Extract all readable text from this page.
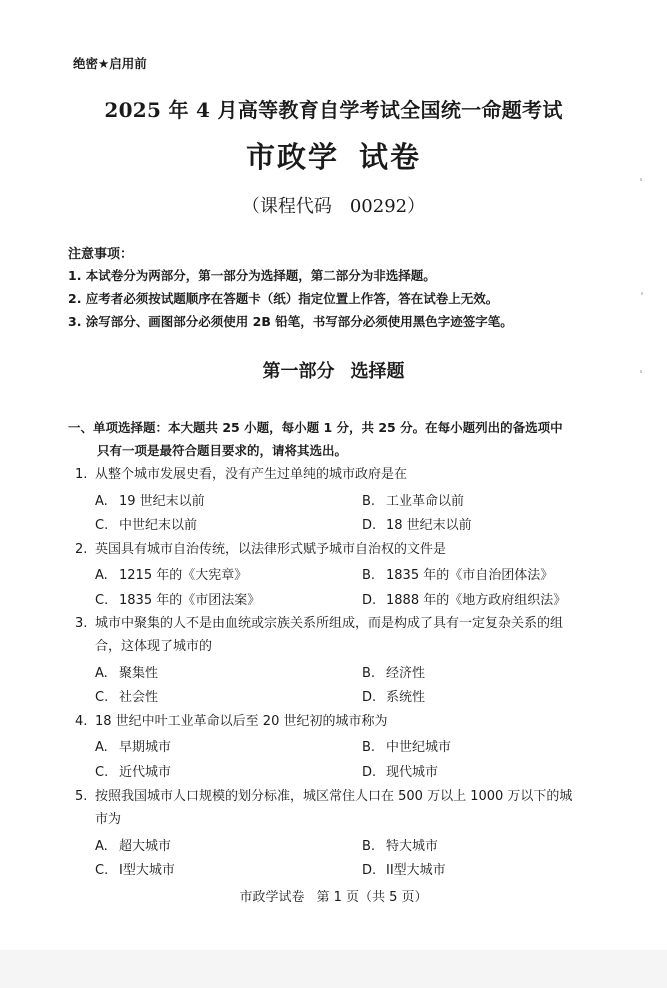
绝密★启用前
2025 年 4 月高等教育自学考试全国统一命题考试
市政学 试卷
（课程代码 00292）
注意事项：
1. 本试卷分为两部分，第一部分为选择题，第二部分为非选择题。
2. 应考者必须按试题顺序在答题卡（纸）指定位置上作答，答在试卷上无效。
3. 涂写部分、画图部分必须使用 2B 铅笔，书写部分必须使用黑色字迹签字笔。
第一部分 选择题
一、单项选择题：本大题共 25 小题，每小题 1 分，共 25 分。在每小题列出的备选项中
只有一项是最符合题目要求的，请将其选出。
1. 从整个城市发展史看，没有产生过单纯的城市政府是在
A. 19 世纪末以前	B. 工业革命以前
C. 中世纪末以前	D. 18 世纪末以前
2. 英国具有城市自治传统，以法律形式赋予城市自治权的文件是
A. 1215 年的《大宪章》	B. 1835 年的《市自治团体法》
C. 1835 年的《市团法案》	D. 1888 年的《地方政府组织法》
3. 城市中聚集的人不是由血统或宗族关系所组成，而是构成了具有一定复杂关系的组
合，这体现了城市的
A. 聚集性	B. 经济性
C. 社会性	D. 系统性
4. 18 世纪中叶工业革命以后至 20 世纪初的城市称为
A. 早期城市	B. 中世纪城市
C. 近代城市	D. 现代城市
5. 按照我国城市人口规模的划分标准，城区常住人口在 500 万以上 1000 万以下的城
市为
A. 超大城市	B. 特大城市
C. I型大城市	D. II型大城市
市政学试卷 第 1 页（共 5 页）
